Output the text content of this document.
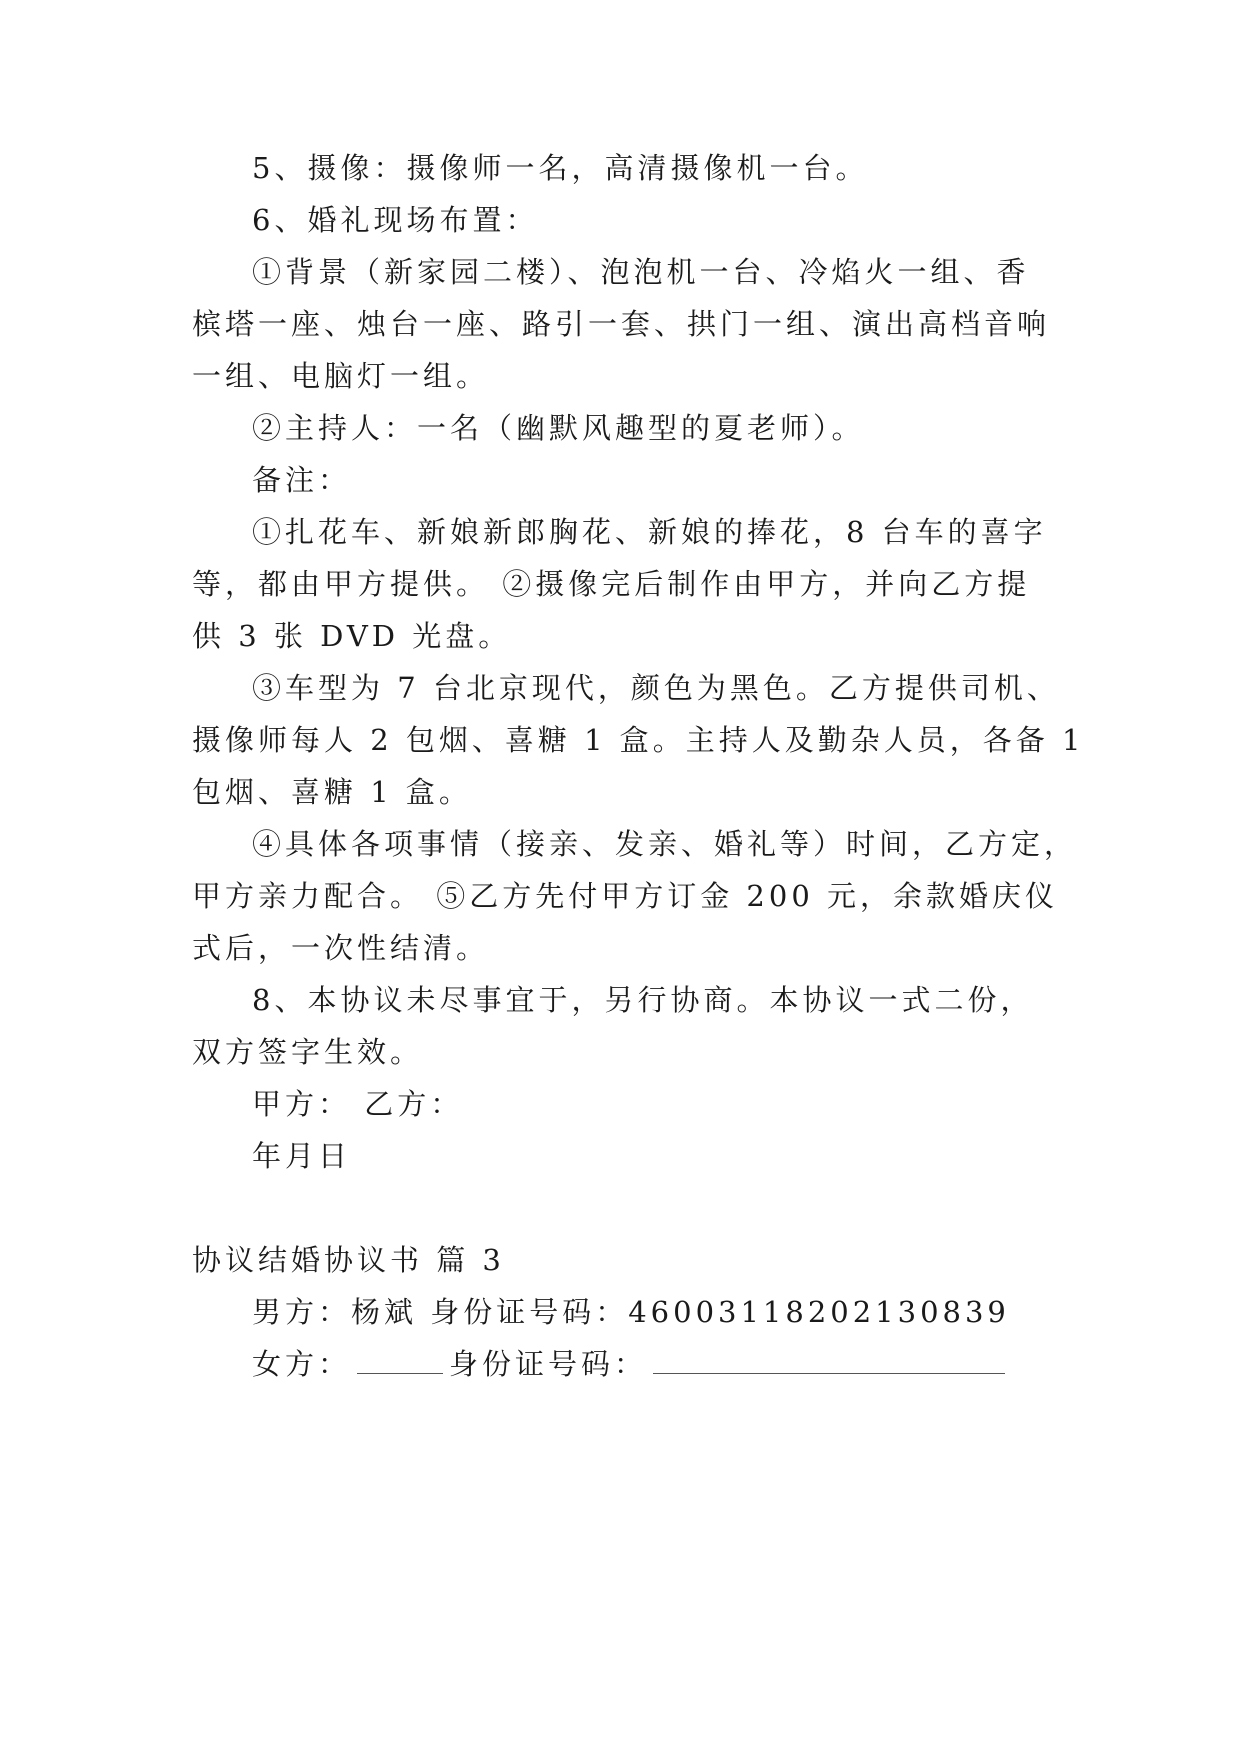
5、摄像：摄像师一名，高清摄像机一台。
6、婚礼现场布置：
①背景（新家园二楼）、泡泡机一台、冷焰火一组、香
槟塔一座、烛台一座、路引一套、拱门一组、演出高档音响
一组、电脑灯一组。
②主持人：一名（幽默风趣型的夏老师）。
备注：
①扎花车、新娘新郎胸花、新娘的捧花，8 台车的喜字
等，都由甲方提供。 ②摄像完后制作由甲方，并向乙方提
供 3 张 DVD 光盘。
③车型为 7 台北京现代，颜色为黑色。乙方提供司机、
摄像师每人 2 包烟、喜糖 1 盒。主持人及勤杂人员，各备 1
包烟、喜糖 1 盒。
④具体各项事情（接亲、发亲、婚礼等）时间，乙方定，
甲方亲力配合。 ⑤乙方先付甲方订金 200 元，余款婚庆仪
式后，一次性结清。
8、本协议未尽事宜于，另行协商。本协议一式二份，
双方签字生效。
甲方： 乙方：
年月日
协议结婚协议书 篇 3
男方：杨斌 身份证号码：46003118202130839
女方：	身份证号码：
